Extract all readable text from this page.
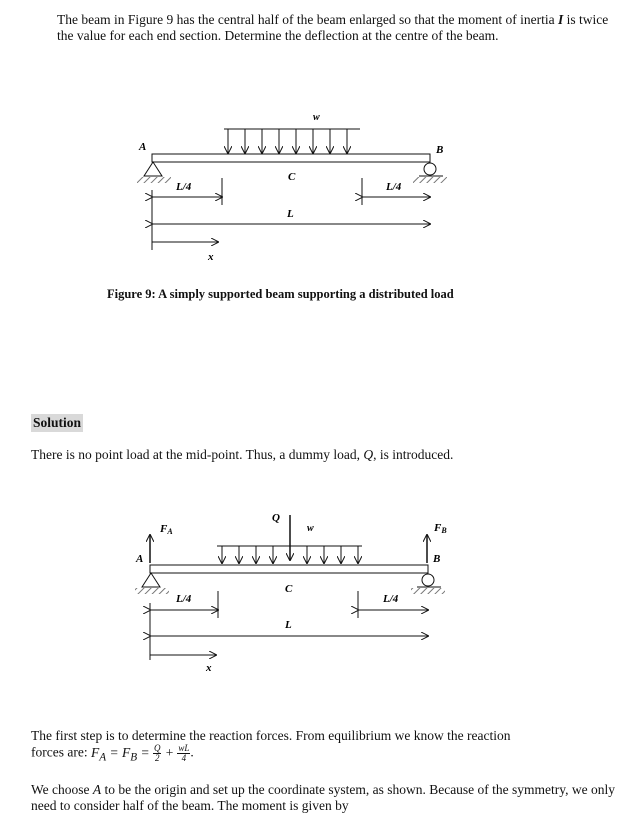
The beam in Figure 9 has the central half of the beam enlarged so that the moment of inertia I is twice the value for each end section. Determine the deflection at the centre of the beam.

w
A	B
C
L/4	L/4
L
x

Figure 9: A simply supported beam supporting a distributed load

Solution

There is no point load at the mid-point. Thus, a dummy load, Q, is introduced.

Q
w
FA	FB
A	B
C
L/4	L/4
L
x

The first step is to determine the reaction forces. From equilibrium we know the reaction
forces are: $F_A = F_B = \frac{Q}{2} + \frac{wL}{4}$ .

We choose A to be the origin and set up the coordinate system, as shown. Because of the symmetry, we only need to consider half of the beam. The moment is given by
